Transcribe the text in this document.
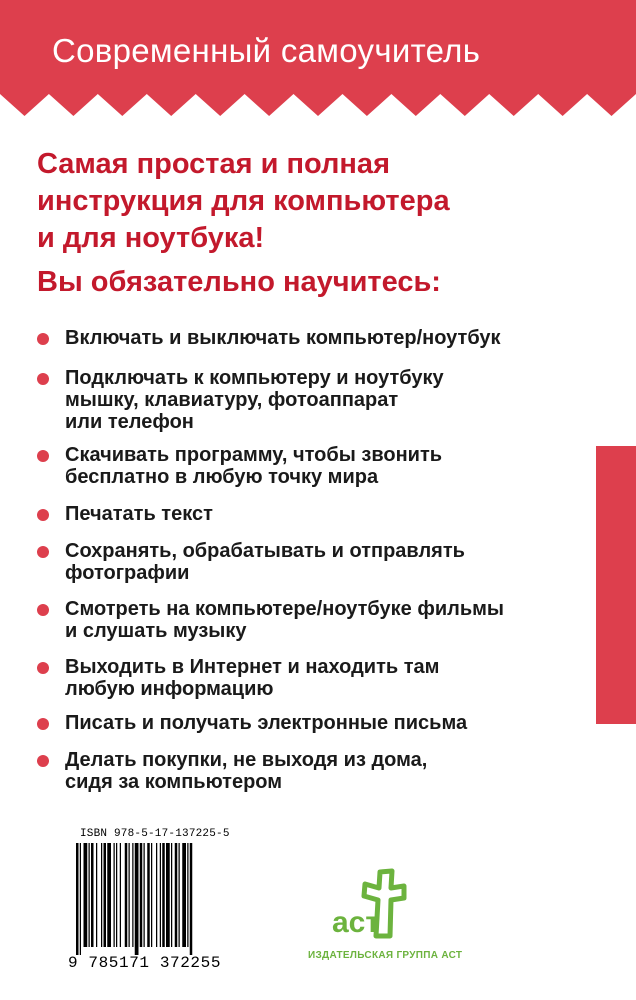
Современный самоучитель
Самая простая и полная
инструкция для компьютера
и для ноутбука!
Вы обязательно научитесь:
Включать и выключать компьютер/ноутбук
Подключать к компьютеру и ноутбуку
мышку, клавиатуру, фотоаппарат
или телефон
Скачивать программу, чтобы звонить
бесплатно в любую точку мира
Печатать текст
Сохранять, обрабатывать и отправлять
фотографии
Смотреть на компьютере/ноутбуке фильмы
и слушать музыку
Выходить в Интернет и находить там
любую информацию
Писать и получать электронные письма
Делать покупки, не выходя из дома,
сидя за компьютером
ISBN 978-5-17-137225-5
9 785171 372255
аст
ИЗДАТЕЛЬСКАЯ ГРУППА АСТ
